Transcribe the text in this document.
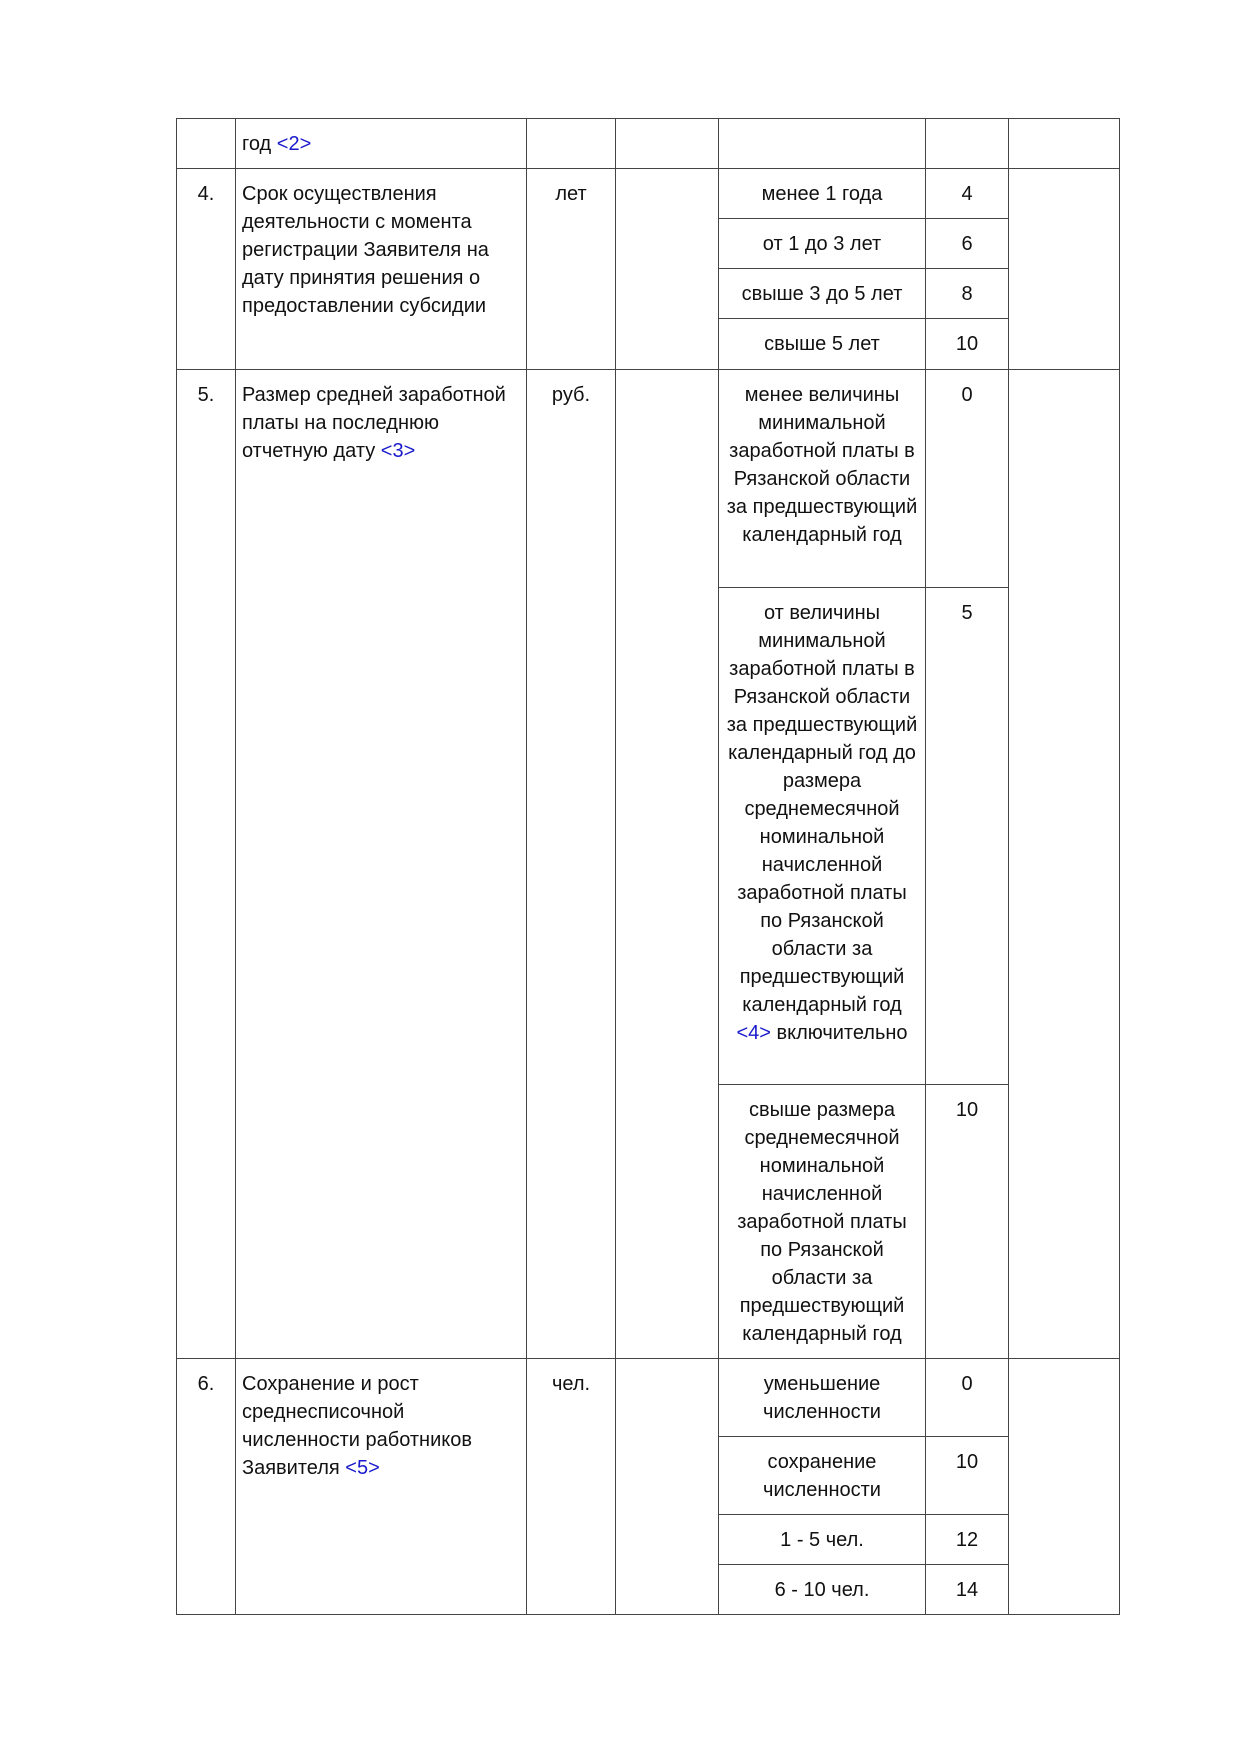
	год <2>					
4.	Срок осуществления деятельности с момента регистрации Заявителя на дату принятия решения о предоставлении субсидии	лет		менее 1 года	4	
				от 1 до 3 лет	6	
				свыше 3 до 5 лет	8	
				свыше 5 лет	10	
5.	Размер средней заработной платы на последнюю отчетную дату <3>	руб.		менее величины минимальной заработной платы в Рязанской области за предшествующий календарный год	0	
				от величины минимальной заработной платы в Рязанской области за предшествующий календарный год до размера среднемесячной номинальной начисленной заработной платы по Рязанской области за предшествующий календарный год <4> включительно	5	
				свыше размера среднемесячной номинальной начисленной заработной платы по Рязанской области за предшествующий календарный год	10	
6.	Сохранение и рост среднесписочной численности работников Заявителя <5>	чел.		уменьшение численности	0	
				сохранение численности	10	
				1 - 5 чел.	12	
				6 - 10 чел.	14	
